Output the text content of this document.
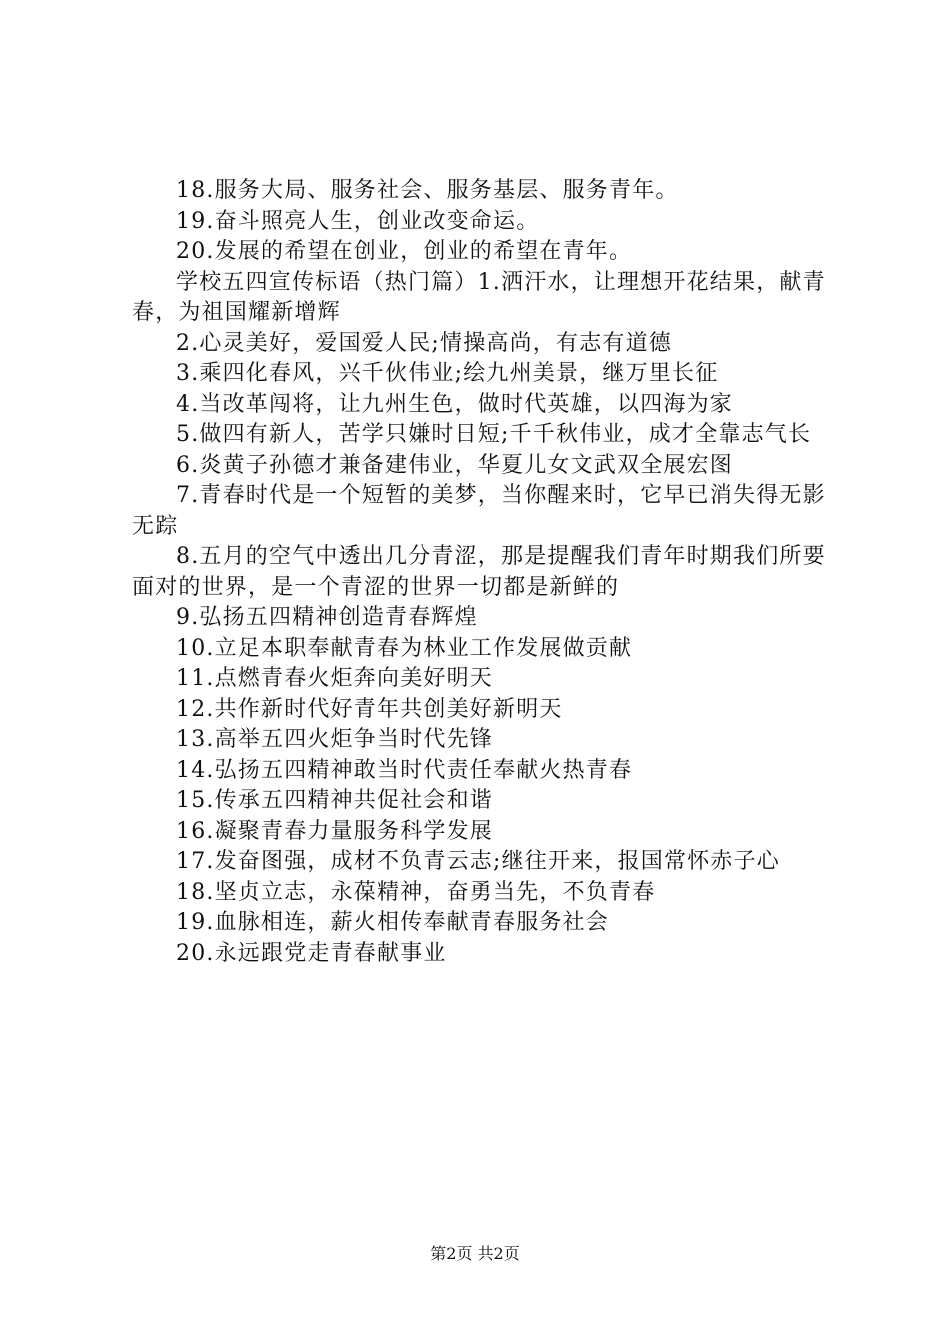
18.服务大局、服务社会、服务基层、服务青年。

19.奋斗照亮人生，创业改变命运。

20.发展的希望在创业，创业的希望在青年。

学校五四宣传标语（热门篇）1.洒汗水，让理想开花结果，献青春，为祖国耀新增辉

2.心灵美好，爱国爱人民;情操高尚，有志有道德

3.乘四化春风，兴千伙伟业;绘九州美景，继万里长征

4.当改革闯将，让九州生色，做时代英雄，以四海为家

5.做四有新人，苦学只嫌时日短;千千秋伟业，成才全靠志气长

6.炎黄子孙德才兼备建伟业，华夏儿女文武双全展宏图

7.青春时代是一个短暂的美梦，当你醒来时，它早已消失得无影无踪

8.五月的空气中透出几分青涩，那是提醒我们青年时期我们所要面对的世界，是一个青涩的世界一切都是新鲜的

9.弘扬五四精神创造青春辉煌

10.立足本职奉献青春为林业工作发展做贡献

11.点燃青春火炬奔向美好明天

12.共作新时代好青年共创美好新明天

13.高举五四火炬争当时代先锋

14.弘扬五四精神敢当时代责任奉献火热青春

15.传承五四精神共促社会和谐

16.凝聚青春力量服务科学发展

17.发奋图强，成材不负青云志;继往开来，报国常怀赤子心

18.坚贞立志，永葆精神，奋勇当先，不负青春

19.血脉相连，薪火相传奉献青春服务社会

20.永远跟党走青春献事业

第2页 共2页
